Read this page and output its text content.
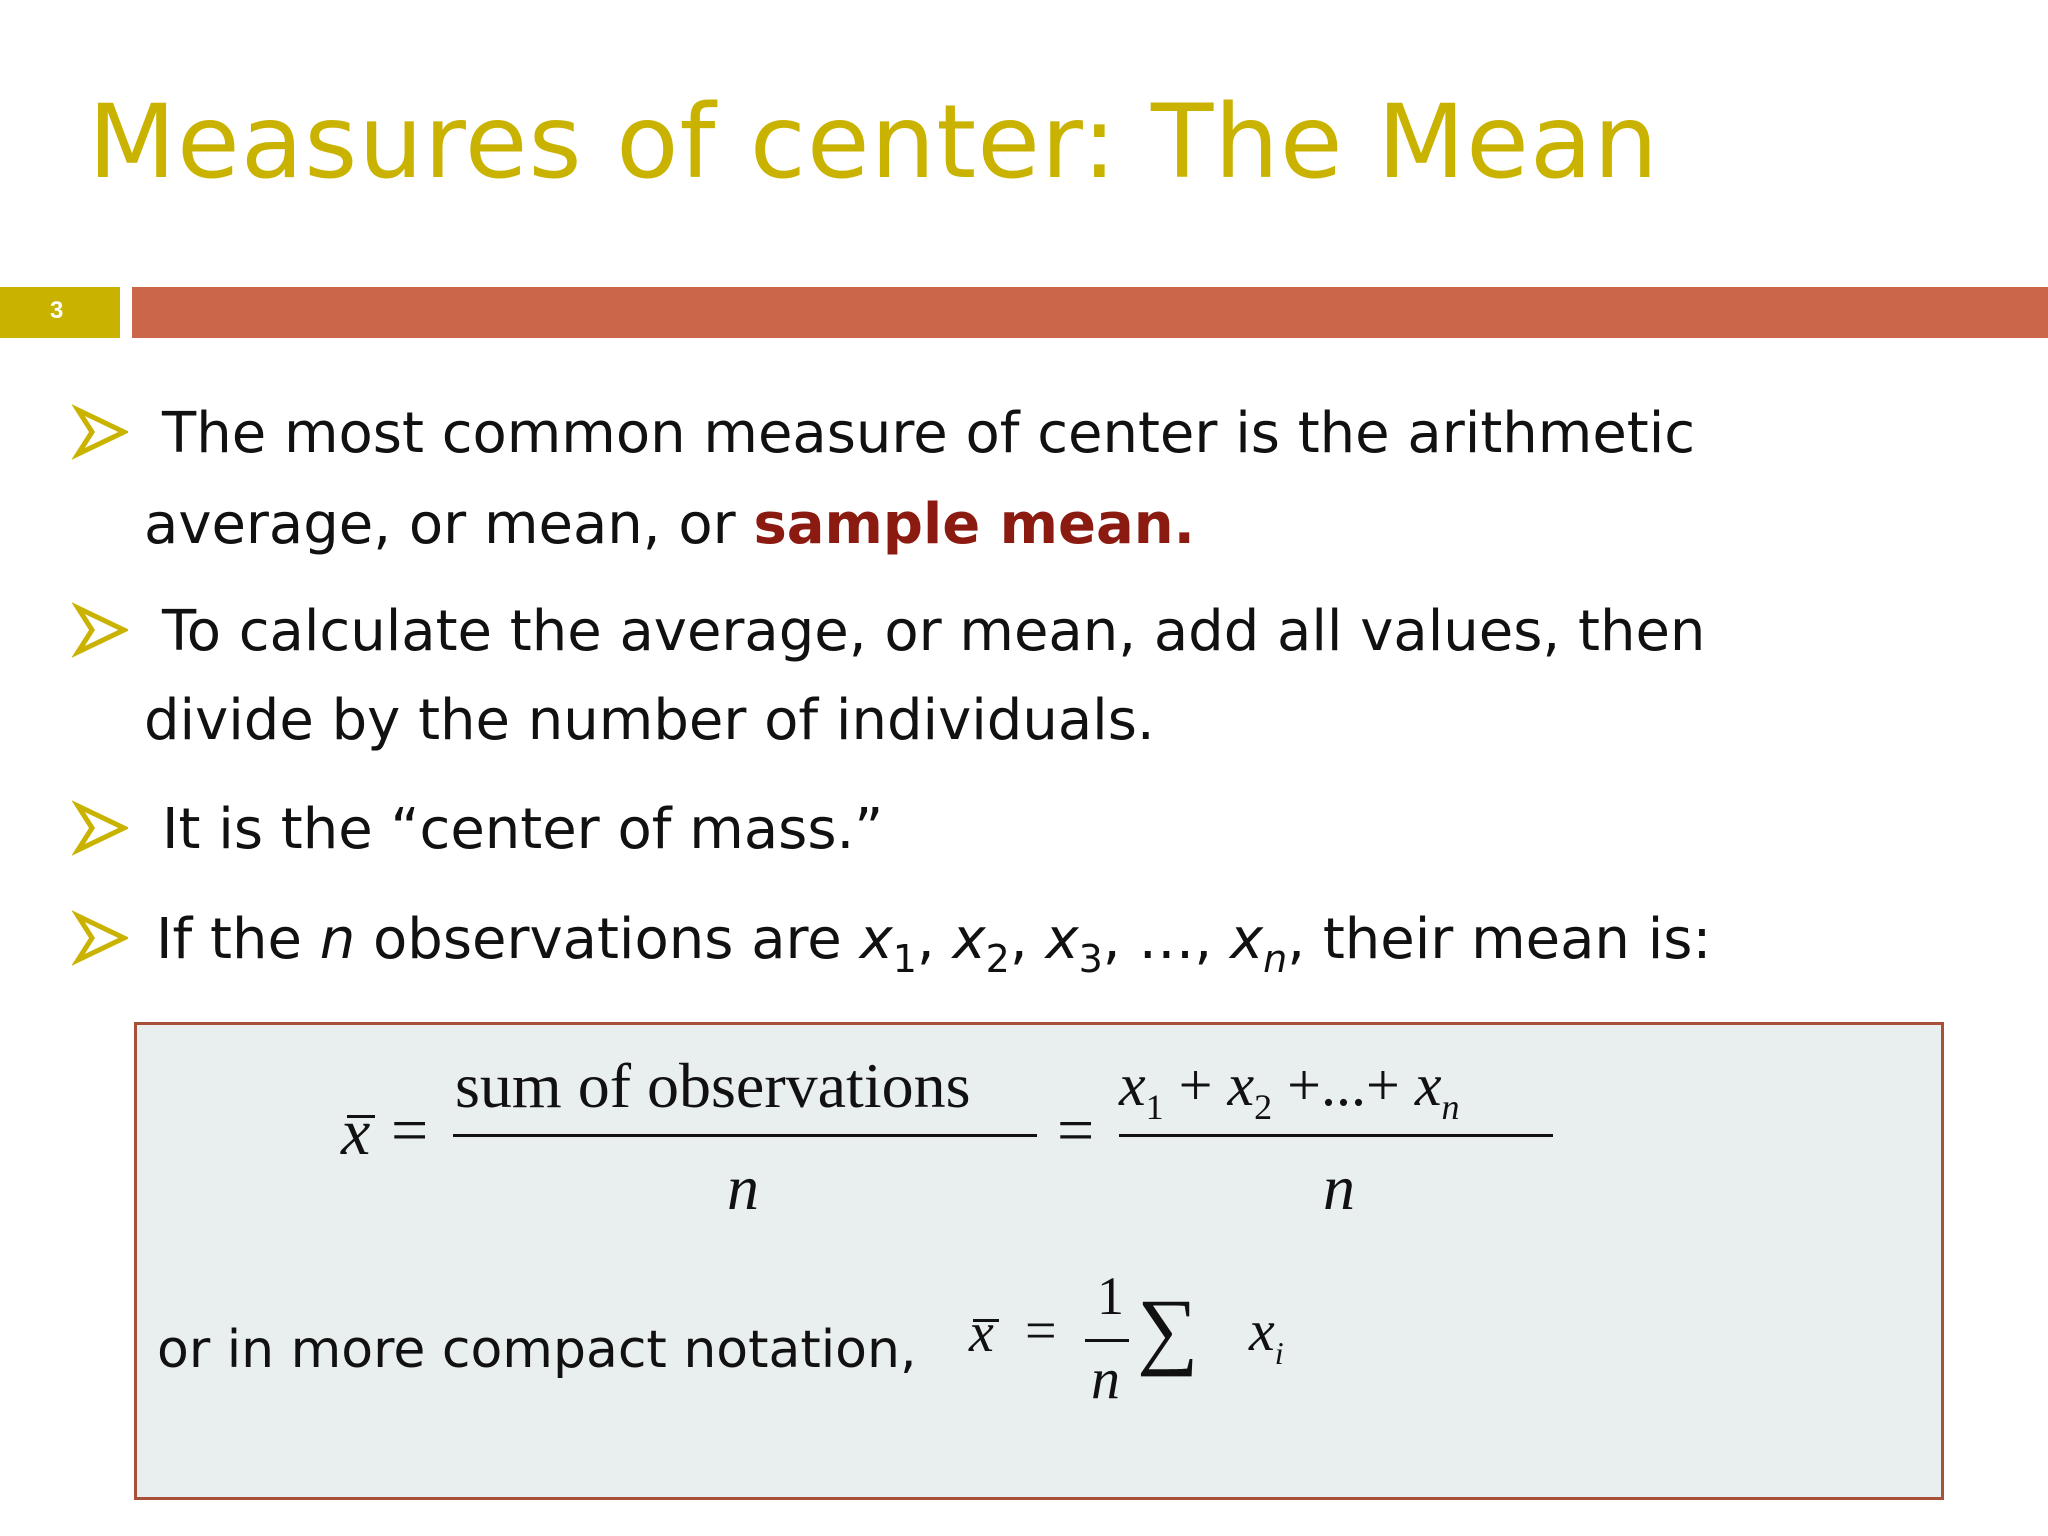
Measures of center: The Mean
3
The most common measure of center is the arithmetic
average, or mean, or sample mean.
To calculate the average, or mean, add all values, then
divide by the number of individuals.
It is the “center of mass.”
If the n observations are $x_1$, $x_2$, $x_3$, …, $x_n$, their mean is:
x =
sum of observations
n
=
$x_1 + x_2$ +...+ $x_n$
n
or in more compact notation, x =
1
n
∑ $x_i$
